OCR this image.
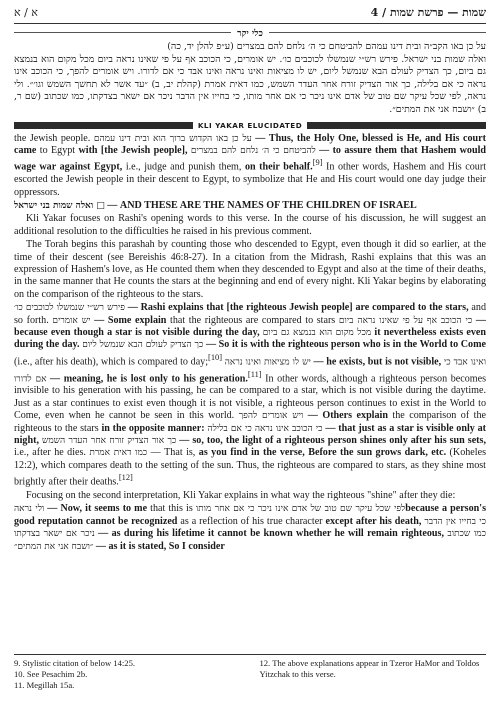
א / א	4 / שמות — פרשת שמות
כלי יקר

על כן באו הקב״ה ובית דינו עמהם להביטחם כי ה׳ נלחם להם במצרים (ע״פ להלן יד, כה)

ואלה שמות בני ישראל. פירש רש״י שנמשלו לכוכבים כו׳. יש אומרים, כי הכוכב אף על פי שאינו נראה ביום מכל מקום הוא בנמצא גם ביום, כך הצדיק לעולם הבא שנמשל ליום, יש לו מציאות ואינו נראה ואינו אבד כי אם לדורו. ויש אומרים להפך, כי הכוכב אינו נראה כי אם בלילה, כך אור הצדיק זורח אחר העדר השמש, כמו דאית אמרת (קהלת יב, ב) ״עד אשר לא תחשך השמש וגו׳״. ולי נראה, לפי שכל עיקר שם טוב של אדם אינו ניכר כי אם אחר מותו, כי בחייו אין הדבר ניכר אם ישאר בצדקתו, כמו שכתוב (שם ר, ב) ״ושבח אני את המתים״.

KLI YAKAR ELUCIDATED

the Jewish people. על כן באו הקדוש ברוך הוא ובית דינו עמהם — Thus, the Holy One, blessed is He, and His court came to Egypt with [the Jewish people], להביטחם כי ה׳ נלחם להם במצרים — to assure them that Hashem would wage war against Egypt, i.e., judge and punish them, on their behalf.[9] In other words, Hashem and His court escorted the Jewish people in their descent to Egypt, to symbolize that He and His court would one day judge their oppressors.

□ ואלה שמות בני ישראל — AND THESE ARE THE NAMES OF THE CHILDREN OF ISRAEL

Kli Yakar focuses on Rashi's opening words to this verse. In the course of his discussion, he will suggest an additional resolution to the difficulties he raised in his previous comment.

The Torah begins this parashah by counting those who descended to Egypt, even though it did so earlier, at the time of their descent (see Bereishis 46:8-27). In a citation from the Midrash, Rashi explains that this was an expression of Hashem's love, as He counted them when they descended to Egypt and also at the time of their deaths, in the same manner that He counts the stars at the beginning and end of every night. Kli Yakar begins by elaborating on the comparison of the righteous to the stars.

פירש רש״י שנמשלו לכוכבים כו׳ — Rashi explains that [the righteous Jewish people] are compared to the stars, and so forth. יש אומרים — Some explain that the righteous are compared to stars כי הכוכב אף על פי שאינו נראה ביום — because even though a star is not visible during the day, מכל מקום הוא בנמצא גם ביום it nevertheless exists even during the day. כך הצדיק לעולם הבא שנמשל ליום — So it is with the righteous person who is in the World to Come (i.e., after his death), which is compared to day;[10] יש לו מציאות ואינו נראה — he exists, but is not visible, ואינו אבד כי אם לדורו — meaning, he is lost only to his generation.[11] In other words, although a righteous person becomes invisible to his generation with his passing, he can be compared to a star, which is not visible during the daytime. Just as a star continues to exist even though it is not visible, a righteous person continues to exist in the World to Come, even when he cannot be seen in this world. ויש אומרים להפך — Others explain the comparison of the righteous to the stars in the opposite manner: כי הכוכב אינו נראה כי אם בלילה — that just as a star is visible only at night, כך אור הצדיק זורח אחר העדר השמש — so, too, the light of a righteous person shines only after his sun sets, i.e., after he dies. כמו דאית אמרת — That is, as you find in the verse, Before the sun grows dark, etc. (Koheles 12:2), which compares death to the setting of the sun. Thus, the righteous are compared to stars, as they shine most brightly after their deaths.[12]

Focusing on the second interpretation, Kli Yakar explains in what way the righteous "shine" after they die:

ולי נראה — Now, it seems to me that this is לפי שכל עיקר שם טוב של אדם אינו ניכר כי אם אחר מותוbecause a person's good reputation cannot be recognized as a reflection of his true character except after his death, כי בחייו אין הדבר ניכר אם ישאר בצדקתו — as during his lifetime it cannot be known whether he will remain righteous, כמו שכתוב ״ושבח אני את המתים״ — as it is stated, So I consider

9. Stylistic citation of below 14:25.
10. See Pesachim 2b.
11. Megillah 15a.
12. The above explanations appear in Tzeror HaMor and Toldos Yitzchak to this verse.
